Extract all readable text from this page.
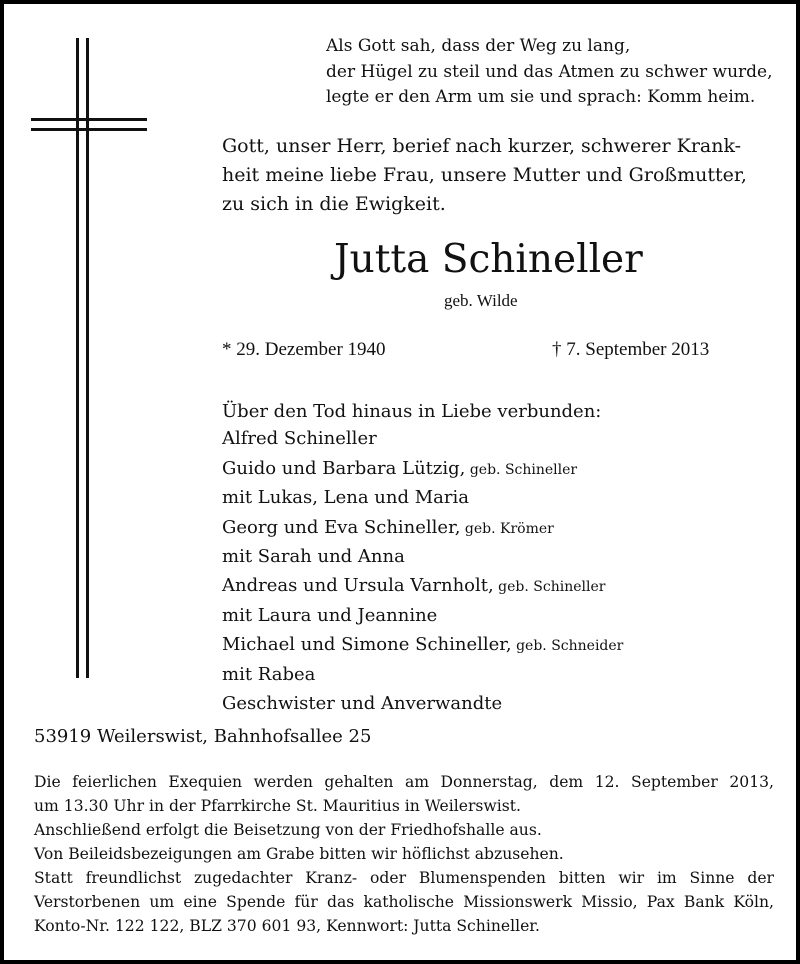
Als Gott sah, dass der Weg zu lang,
der Hügel zu steil und das Atmen zu schwer wurde,
legte er den Arm um sie und sprach: Komm heim.
Gott, unser Herr, berief nach kurzer, schwerer Krank-
heit meine liebe Frau, unsere Mutter und Großmutter,
zu sich in die Ewigkeit.
Jutta Schineller
geb. Wilde
* 29. Dezember 1940	† 7. September 2013
Über den Tod hinaus in Liebe verbunden:
Alfred Schineller
Guido und Barbara Lützig, geb. Schineller
mit Lukas, Lena und Maria
Georg und Eva Schineller, geb. Krömer
mit Sarah und Anna
Andreas und Ursula Varnholt, geb. Schineller
mit Laura und Jeannine
Michael und Simone Schineller, geb. Schneider
mit Rabea
Geschwister und Anverwandte
53919 Weilerswist, Bahnhofsallee 25
Die feierlichen Exequien werden gehalten am Donnerstag, dem 12. September 2013,
um 13.30 Uhr in der Pfarrkirche St. Mauritius in Weilerswist.
Anschließend erfolgt die Beisetzung von der Friedhofshalle aus.
Von Beileidsbezeigungen am Grabe bitten wir höflichst abzusehen.
Statt freundlichst zugedachter Kranz- oder Blumenspenden bitten wir im Sinne der
Verstorbenen um eine Spende für das katholische Missionswerk Missio, Pax Bank Köln,
Konto-Nr. 122 122, BLZ 370 601 93, Kennwort: Jutta Schineller.
